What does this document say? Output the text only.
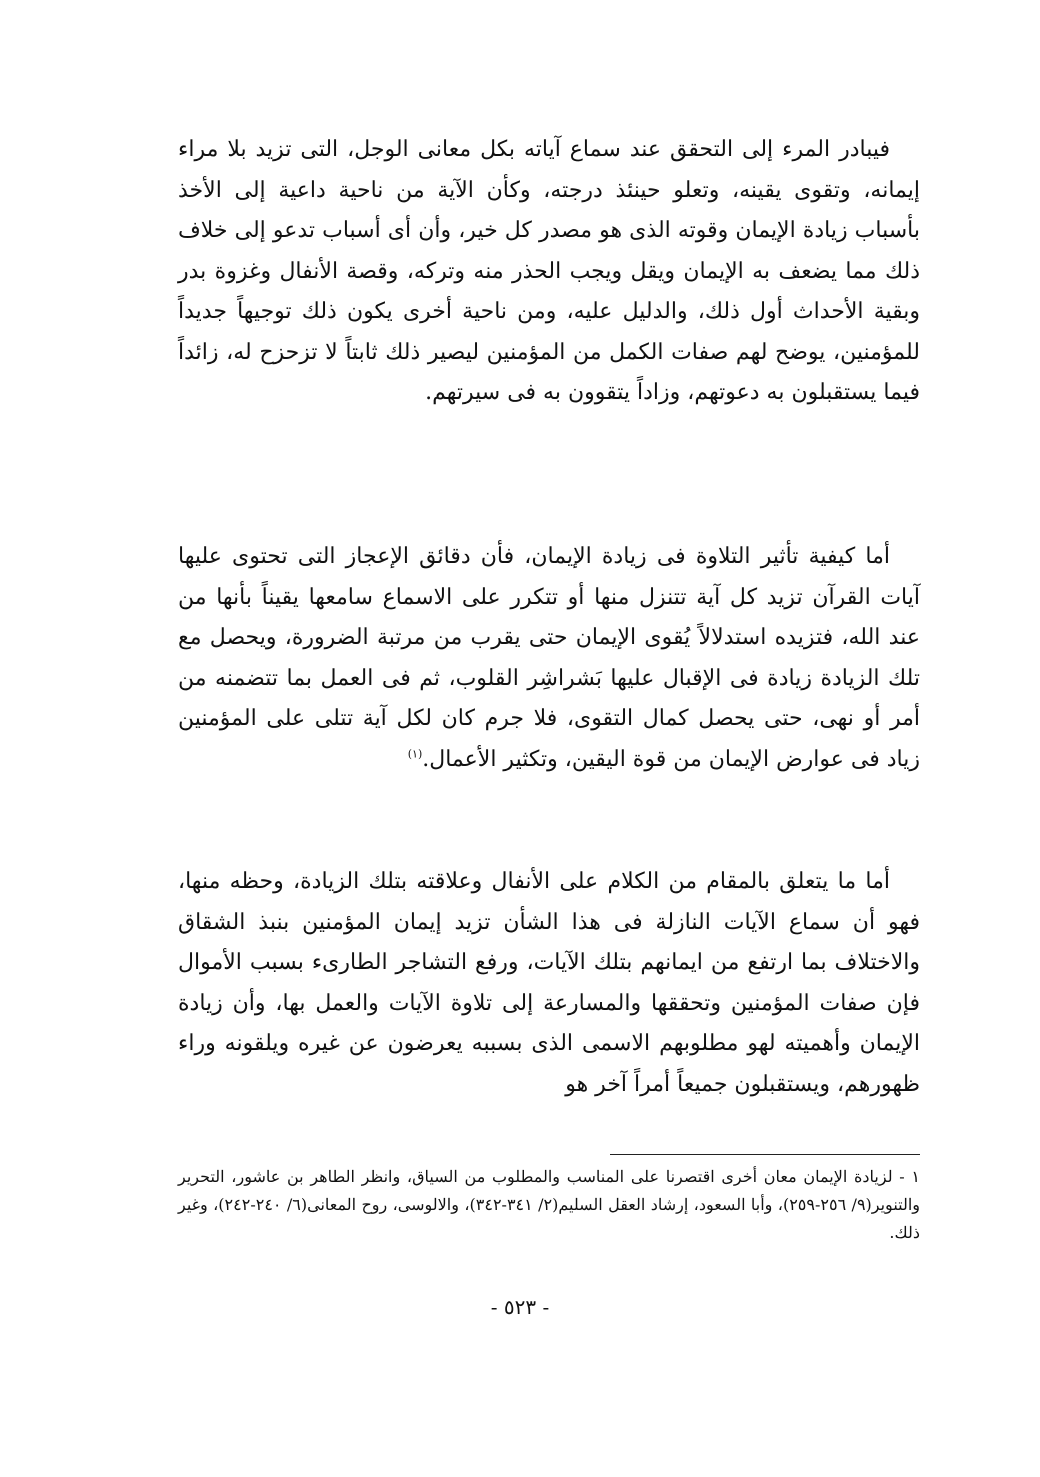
فيبادر المرء إلى التحقق عند سماع آياته بكل معانى الوجل، التى تزيد بلا مراء إيمانه، وتقوى يقينه، وتعلو حينئذ درجته، وكأن الآية من ناحية داعية إلى الأخذ بأسباب زيادة الإيمان وقوته الذى هو مصدر كل خير، وأن أى أسباب تدعو إلى خلاف ذلك مما يضعف به الإيمان ويقل ويجب الحذر منه وتركه، وقصة الأنفال وغزوة بدر وبقية الأحداث أول ذلك، والدليل عليه، ومن ناحية أخرى يكون ذلك توجيهاً جديداً للمؤمنين، يوضح لهم صفات الكمل من المؤمنين ليصير ذلك ثابتاً لا تزحزح له، زائداً فيما يستقبلون به دعوتهم، وزاداً يتقوون به فى سيرتهم.

أما كيفية تأثير التلاوة فى زيادة الإيمان، فأن دقائق الإعجاز التى تحتوى عليها آيات القرآن تزيد كل آية تتنزل منها أو تتكرر على الاسماع سامعها يقيناً بأنها من عند الله، فتزيده استدلالاً يُقوى الإيمان حتى يقرب من مرتبة الضرورة، ويحصل مع تلك الزيادة زيادة فى الإقبال عليها بَشراشِر القلوب، ثم فى العمل بما تتضمنه من أمر أو نهى، حتى يحصل كمال التقوى، فلا جرم كان لكل آية تتلى على المؤمنين زياد فى عوارض الإيمان من قوة اليقين، وتكثير الأعمال.$^{(١)}$

أما ما يتعلق بالمقام من الكلام على الأنفال وعلاقته بتلك الزيادة، وحظه منها، فهو أن سماع الآيات النازلة فى هذا الشأن تزيد إيمان المؤمنين بنبذ الشقاق والاختلاف بما ارتفع من ايمانهم بتلك الآيات، ورفع التشاجر الطارىء بسبب الأموال فإن صفات المؤمنين وتحققها والمسارعة إلى تلاوة الآيات والعمل بها، وأن زيادة الإيمان وأهميته لهو مطلوبهم الاسمى الذى بسببه يعرضون عن غيره ويلقونه وراء ظهورهم، ويستقبلون جميعاً أمراً آخر هو

١ - لزيادة الإيمان معان أخرى اقتصرنا على المناسب والمطلوب من السياق، وانظر الطاهر بن عاشور، التحرير والتنوير(٩/ ٢٥٦-٢٥٩)، وأبا السعود، إرشاد العقل السليم(٢/ ٣٤١-٣٤٢)، والالوسى، روح المعانى(٦/ ٢٤٠-٢٤٢)، وغير ذلك.

- ٥٢٣ -
